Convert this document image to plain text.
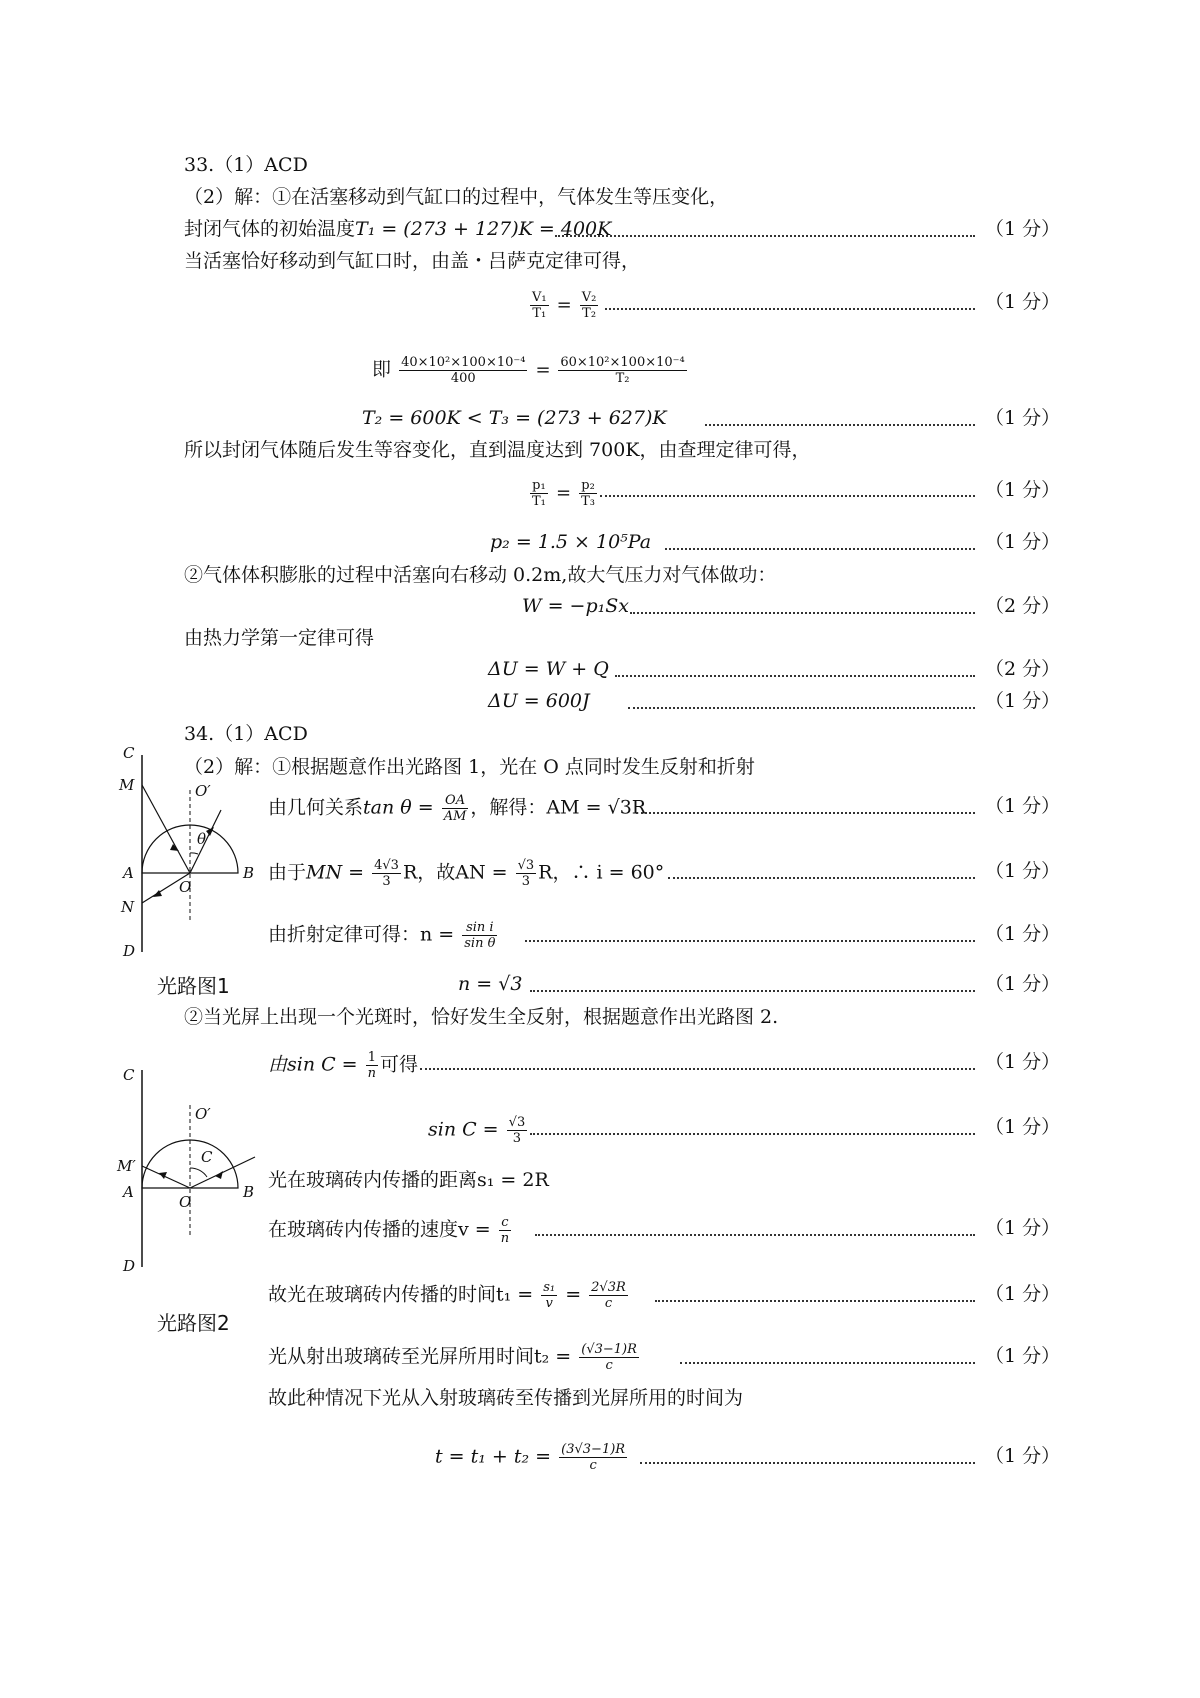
33.（1）ACD
（2）解：①在活塞移动到气缸口的过程中，气体发生等压变化，
封闭气体的初始温度T₁ = (273 + 127)K = 400K	（1 分）
当活塞恰好移动到气缸口时，由盖・吕萨克定律可得，
$\frac{\text{V₁}}{\text{T₁}} = \frac{\text{V₂}}{\text{T₂}}$	（1 分）
即 $\frac{\text{40×10²×100×10⁻⁴}}{400} = \frac{\text{60×10²×100×10⁻⁴}}{\text{T₂}}$
T₂ = 600K < T₃ = (273 + 627)K	（1 分）
所以封闭气体随后发生等容变化，直到温度达到 700K，由查理定律可得，
$\frac{\text{p₁}}{\text{T₁}} = \frac{\text{p₂}}{\text{T₃}}$	（1 分）
p₂ = 1.5 × 10⁵Pa	（1 分）
②气体体积膨胀的过程中活塞向右移动 0.2m,故大气压力对气体做功：
W = −p₁Sx	（2 分）
由热力学第一定律可得
ΔU = W + Q	（2 分）
ΔU = 600J	（1 分）
34.（1）ACD
（2）解：①根据题意作出光路图 1，光在 O 点同时发生反射和折射
C
M	O′
θ
A
O
B
N
D
由几何关系$\tan \theta = \frac{OA}{AM}$ ，解得：AM = √3R	（1 分）
由于MN = $\frac{4√3}{3}$ R，故AN = $\frac{√3}{3}$ R，∴ i = 60°	（1 分）
由折射定律可得：$n = \frac{\text{sin i}}{\text{sin θ}}$	（1 分）
光路图1	n = √3	（1 分）
②当光屏上出现一个光斑时，恰好发生全反射，根据题意作出光路图 2.
C
O′
C
M′
A
O
B
D
由$\sin C = \frac{1}{n}$ 可得	（1 分）
$\sin C = \frac{√3}{3}$	（1 分）
光在玻璃砖内传播的距离s₁ = 2R
在玻璃砖内传播的速度$v = \frac{c}{n}$	（1 分）
故光在玻璃砖内传播的时间$t_1 = \frac{\text{s₁}}{v} = \frac{2√3R}{c}$	（1 分）
光路图2
光从射出玻璃砖至光屏所用时间$t_2 = \frac{(√3-1)R}{c}$	（1 分）
故此种情况下光从入射玻璃砖至传播到光屏所用的时间为
$t = t_1 + t_2 = \frac{(3√3-1)R}{c}$	（1 分）
